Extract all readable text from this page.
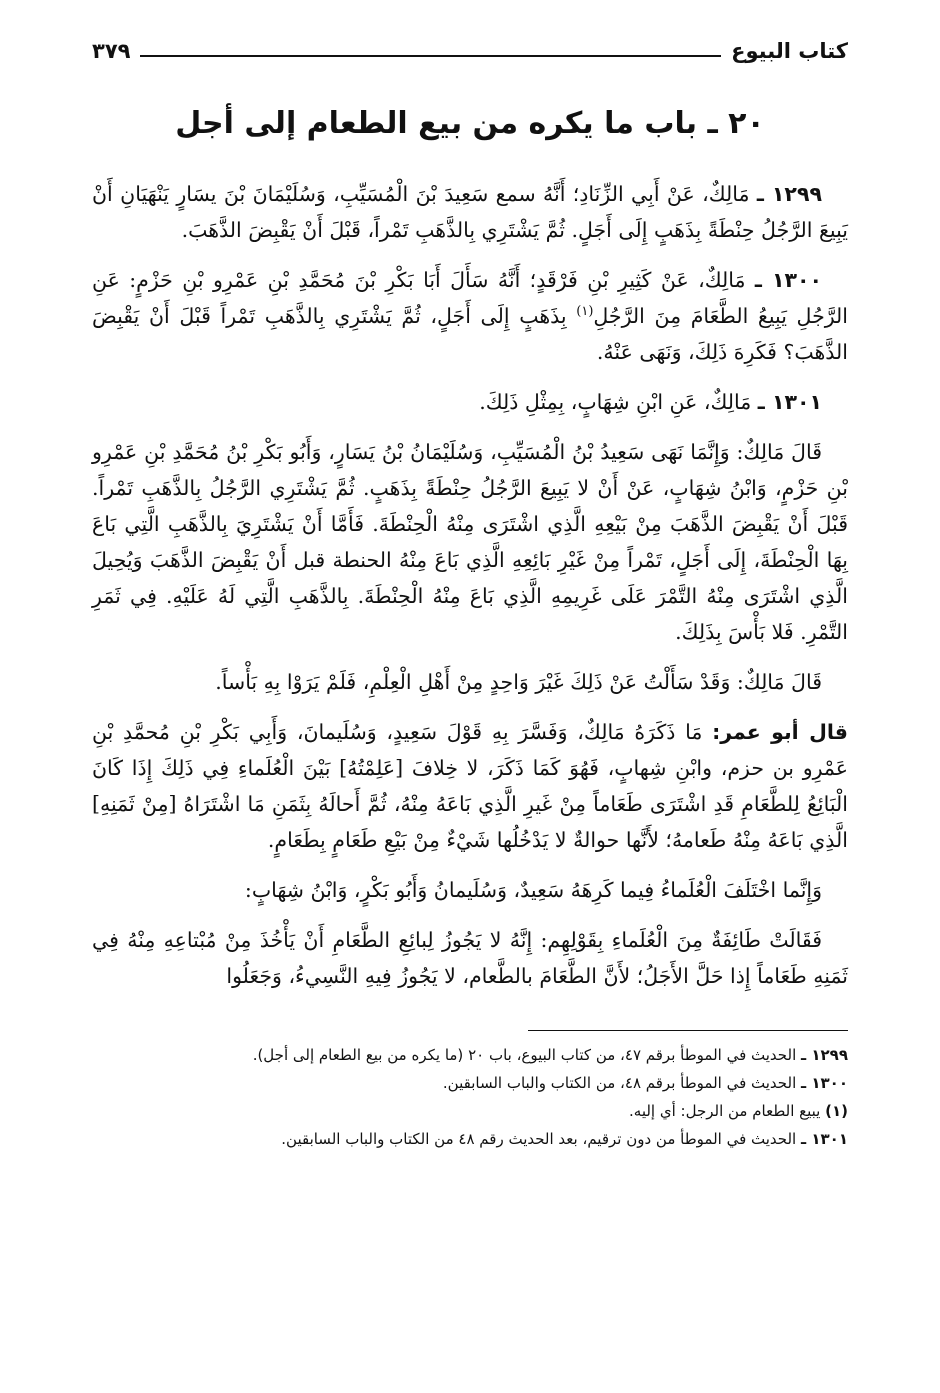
كتاب البيوع
٣٧٩
٢٠ ـ باب ما يكره من بيع الطعام إلى أجل

١٢٩٩ ـ مَالِكٌ، عَنْ أَبِي الزِّنَادِ؛ أَنَّهُ سمع سَعِيدَ بْنَ الْمُسَيِّبِ، وَسُلَيْمَانَ بْنَ يسَارٍ يَنْهَيَانِ أَنْ يَبِيعَ الرَّجُلُ حِنْطَةً بِذَهَبٍ إِلَى أَجَلٍ. ثُمَّ يَشْتَرِي بِالذَّهَبِ تَمْراً، قَبْلَ أَنْ يَقْبِضَ الذَّهَبَ.

١٣٠٠ ـ مَالِكٌ، عَنْ كَثِيرِ بْنِ فَرْقَدٍ؛ أَنَّهُ سَأَلَ أَبَا بَكْرِ بْنَ مُحَمَّدِ بْنِ عَمْرِو بْنِ حَزْمٍ: عَنِ الرَّجُلِ يَبِيعُ الطَّعَامَ مِنَ الرَّجُلِ$^{(١)}$ بِذَهَبٍ إِلَى أَجَلٍ، ثُمَّ يَشْتَرِي بِالذَّهَبِ تَمْراً قَبْلَ أَنْ يَقْبِضَ الذَّهَبَ؟ فَكَرِهَ ذَلِكَ، وَنَهَى عَنْهُ.

١٣٠١ ـ مَالِكٌ، عَنِ ابْنِ شِهَابٍ، بِمِثْلِ ذَلِكَ.

قَالَ مَالِكٌ: وَإِنَّمَا نَهَى سَعِيدُ بْنُ الْمُسَيِّبِ، وَسُلَيْمَانُ بْنُ يَسَارٍ، وَأَبُو بَكْرِ بْنُ مُحَمَّدِ بْنِ عَمْرِو بْنِ حَزْمٍ، وَابْنُ شِهَابٍ، عَنْ أَنْ لا يَبِيعَ الرَّجُلُ حِنْطَةً بِذَهَبٍ. ثُمَّ يَشْتَرِي الرَّجُلُ بِالذَّهَبِ تَمْراً. قَبْلَ أَنْ يَقْبِضَ الذَّهَبَ مِنْ بَيْعِهِ الَّذِي اشْتَرَى مِنْهُ الْحِنْطَةَ. فَأَمَّا أَنْ يَشْتَرِيَ بِالذَّهَبِ الَّتِي بَاعَ بِهَا الْحِنْطَةَ، إِلَى أَجَلٍ، تَمْراً مِنْ غَيْرِ بَائِعِهِ الَّذِي بَاعَ مِنْهُ الحنطة قبل أَنْ يَقْبِضَ الذَّهَبَ وَيُحِيلَ الَّذِي اشْتَرَى مِنْهُ التَّمْرَ عَلَى غَرِيمِهِ الَّذِي بَاعَ مِنْهُ الْحِنْطَةَ. بِالذَّهَبِ الَّتِي لَهُ عَلَيْهِ. فِي ثَمَرِ التَّمْرِ. فَلا بَأْسَ بِذَلِكَ.

قَالَ مَالِكٌ: وَقَدْ سَأَلْتُ عَنْ ذَلِكَ غَيْرَ وَاحِدٍ مِنْ أَهْلِ الْعِلْمِ، فَلَمْ يَرَوْا بِهِ بَأْساً.

قال أبو عمر: مَا ذَكَرَهُ مَالِكٌ، وَفَسَّرَ بِهِ قَوْلَ سَعِيدٍ، وَسُلَيمانَ، وَأَبِي بَكْرِ بْنِ مُحمَّدِ بْنِ عَمْرِو بن حزم، وابْنِ شِهابٍ، فَهُوَ كَمَا ذَكَرَ، لا خِلافَ [عَلِمْتُهُ] بَيْنَ الْعُلَماءِ فِي ذَلِكَ إِذَا كَانَ الْبَائِعُ لِلطَّعَامِ قَدِ اشْتَرَى طَعَاماً مِنْ غَيرِ الَّذِي بَاعَهُ مِنْهُ، ثُمَّ أَحالَهُ بِثَمَنِ مَا اشْتَرَاهُ [مِنْ ثَمَنِهِ] الَّذِي بَاعَهُ مِنْهُ طَعامهُ؛ لأَنَّها حوالةٌ لا يَدْخُلُها شَيْءٌ مِنْ بَيْعِ طَعَامٍ بِطَعَامٍ.

وَإِنَّما اخْتَلَفَ الْعُلَماءُ فِيما كَرِهَهُ سَعِيدٌ، وَسُلَيمانُ وَأَبُو بَكْرٍ، وَابْنُ شِهَابٍ:

فَقَالَتْ طَائِفَةٌ مِنَ الْعُلَماءِ بِقَوْلِهِم: إِنَّهُ لا يَجُوزُ لِبائِعِ الطَّعَامِ أَنْ يَأْخُذَ مِنْ مُبْتاعِهِ مِنْهُ فِي ثَمَنِهِ طَعَاماً إِذا حَلَّ الأَجَلُ؛ لأَنَّ الطَّعَامَ بالطَّعام، لا يَجُوزُ فِيهِ النَّسِيءُ، وَجَعَلُوا

١٢٩٩ ـ الحديث في الموطأ برقم ٤٧، من كتاب البيوع، باب ٢٠ (ما يكره من بيع الطعام إلى أجل).

١٣٠٠ ـ الحديث في الموطأ برقم ٤٨، من الكتاب والباب السابقين.

(١) يبيع الطعام من الرجل: أي إليه.

١٣٠١ ـ الحديث في الموطأ من دون ترقيم، بعد الحديث رقم ٤٨ من الكتاب والباب السابقين.
